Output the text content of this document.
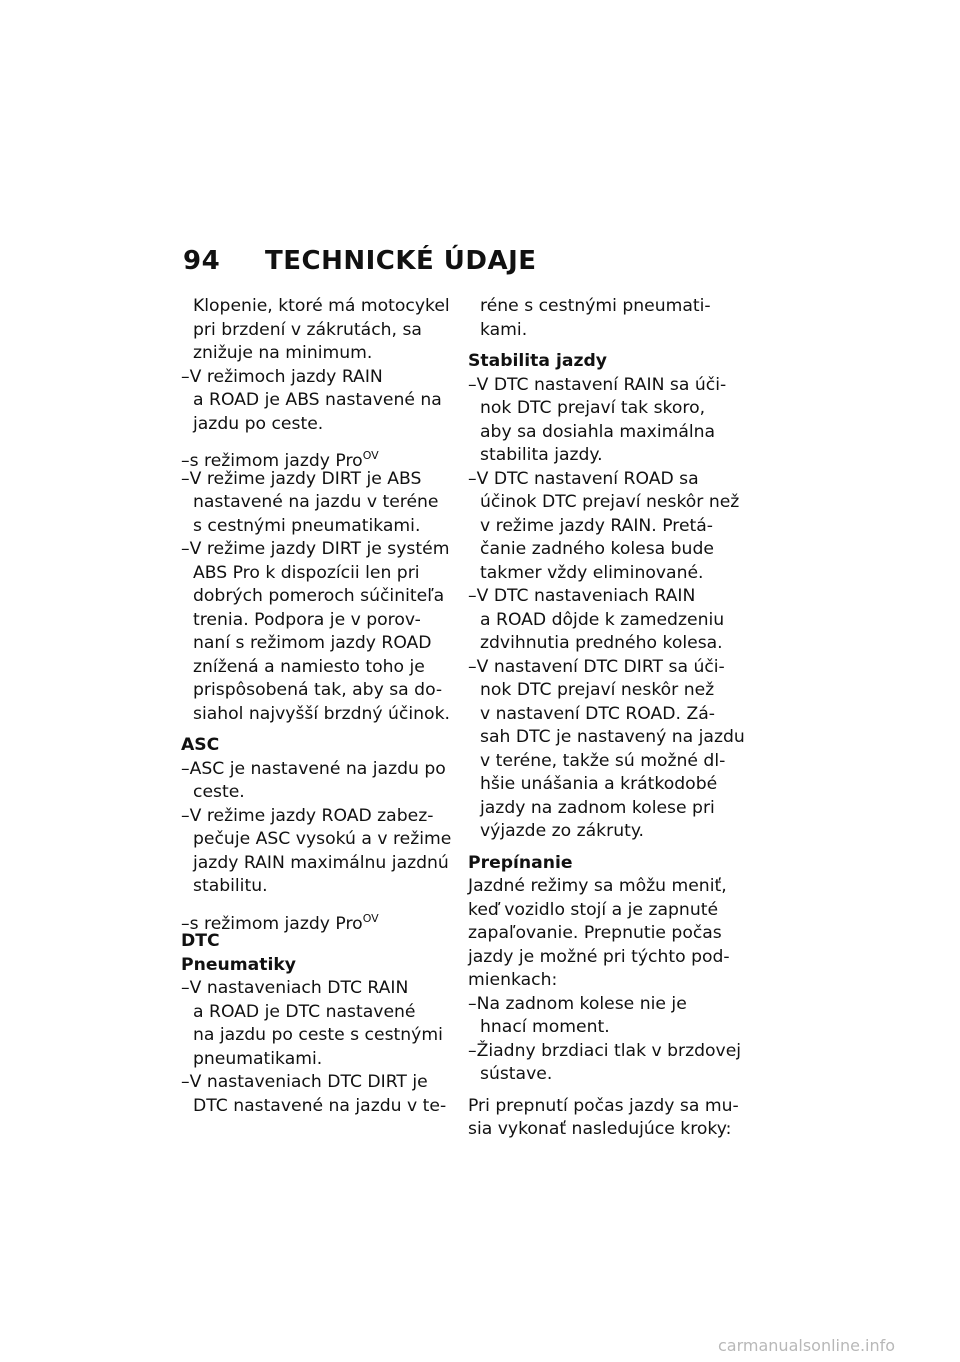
94 TECHNICKÉ ÚDAJE
Klopenie, ktoré má motocykel
pri brzdení v zákrutách, sa
znižuje na minimum.
–V režimoch jazdy RAIN
a ROAD je ABS nastavené na
jazdu po ceste.
–s režimom jazdy Pro$^{OV}$
–V režime jazdy DIRT je ABS
nastavené na jazdu v teréne
s cestnými pneumatikami.
–V režime jazdy DIRT je systém
ABS Pro k dispozícii len pri
dobrých pomeroch súčiniteľa
trenia. Podpora je v porov-
naní s režimom jazdy ROAD
znížená a namiesto toho je
prispôsobená tak, aby sa do-
siahol najvyšší brzdný účinok.
ASC
–ASC je nastavené na jazdu po
ceste.
–V režime jazdy ROAD zabez-
pečuje ASC vysokú a v režime
jazdy RAIN maximálnu jazdnú
stabilitu.
–s režimom jazdy Pro$^{OV}$
DTC
Pneumatiky
–V nastaveniach DTC RAIN
a ROAD je DTC nastavené
na jazdu po ceste s cestnými
pneumatikami.
–V nastaveniach DTC DIRT je
DTC nastavené na jazdu v te-
réne s cestnými pneumati-
kami.
Stabilita jazdy
–V DTC nastavení RAIN sa úči-
nok DTC prejaví tak skoro,
aby sa dosiahla maximálna
stabilita jazdy.
–V DTC nastavení ROAD sa
účinok DTC prejaví neskôr než
v režime jazdy RAIN. Pretá-
čanie zadného kolesa bude
takmer vždy eliminované.
–V DTC nastaveniach RAIN
a ROAD dôjde k zamedzeniu
zdvihnutia predného kolesa.
–V nastavení DTC DIRT sa úči-
nok DTC prejaví neskôr než
v nastavení DTC ROAD. Zá-
sah DTC je nastavený na jazdu
v teréne, takže sú možné dl-
hšie unášania a krátkodobé
jazdy na zadnom kolese pri
výjazde zo zákruty.
Prepínanie
Jazdné režimy sa môžu meniť,
keď vozidlo stojí a je zapnuté
zapaľovanie. Prepnutie počas
jazdy je možné pri týchto pod-
mienkach:
–Na zadnom kolese nie je
hnací moment.
–Žiadny brzdiaci tlak v brzdovej
sústave.
Pri prepnutí počas jazdy sa mu-
sia vykonať nasledujúce kroky:
carmanualsonline.info
